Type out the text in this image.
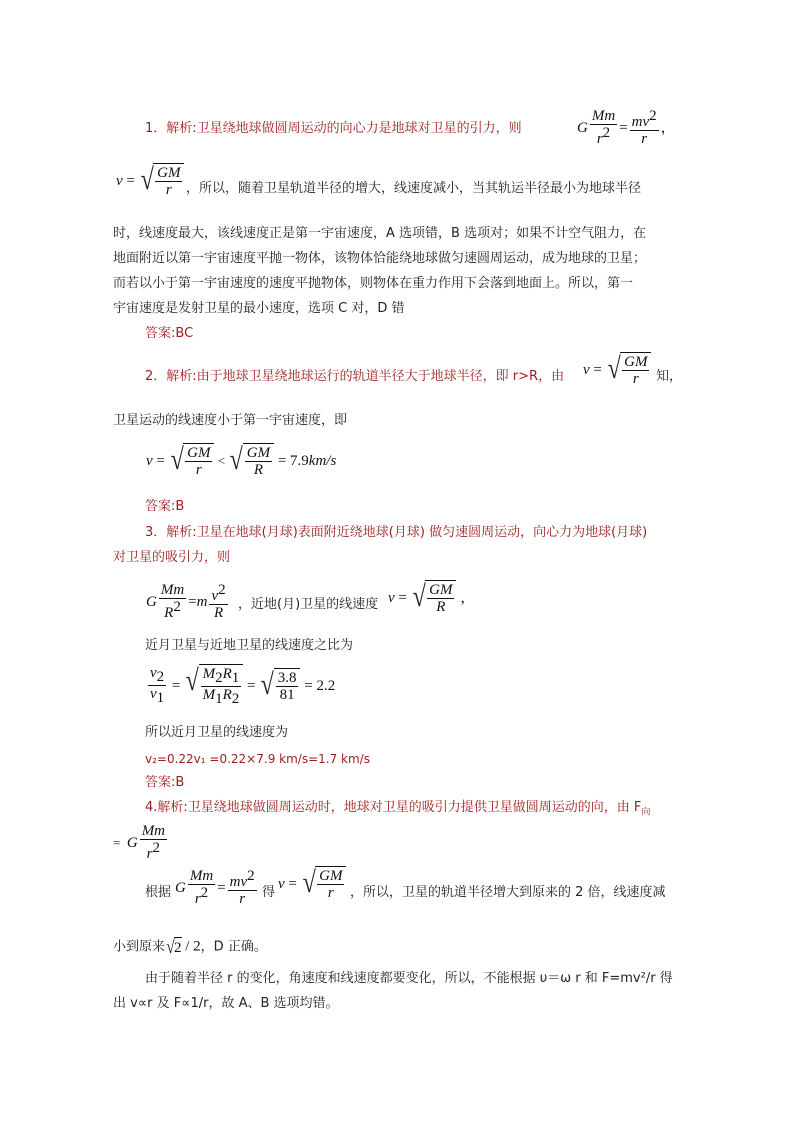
1．解析:卫星绕地球做圆周运动的向心力是地球对卫星的引力，则	G $\frac{Mm}{r^2} = \frac{mv^2}{r}$ ，
v = √ $\frac{GM}{r}$ ，所以，随着卫星轨道半径的增大，线速度减小，当其轨运半径最小为地球半径
时，线速度最大，该线速度正是第一宇宙速度，A 选项错，B 选项对；如果不计空气阻力，在
地面附近以第一宇宙速度平抛一物体，该物体恰能绕地球做匀速圆周运动，成为地球的卫星；
而若以小于第一宇宙速度的速度平抛物体，则物体在重力作用下会落到地面上。所以，第一
宇宙速度是发射卫星的最小速度，选项 C 对，D 错
答案:BC
2．解析:由于地球卫星绕地球运行的轨道半径大于地球半径，即 r>R，由 v = √ $\frac{GM}{r}$ 知，
卫星运动的线速度小于第一宇宙速度，即
v = √ $\frac{GM}{r}$ < √ $\frac{GM}{R} = 7.9$ km/s
答案:B
3．解析:卫星在地球(月球)表面附近绕地球(月球) 做匀速圆周运动，向心力为地球(月球)
对卫星的吸引力，则
G $\frac{Mm}{R^2} = m \frac{v^2}{R}$ ，近地(月)卫星的线速度 v = √ $\frac{GM}{R}$ ，
近月卫星与近地卫星的线速度之比为
$\frac{v_2}{v_1}$ = √ $\frac{M_2R_1}{M_1R_2}$ = √ $\frac{3.8}{81} = 2.2$
所以近月卫星的线速度为
v₂=0.22v₁ =0.22×7.9 km/s=1.7 km/s
答案:B
4.解析:卫星绕地球做圆周运动时，地球对卫星的吸引力提供卫星做圆周运动的向，由 $F_向$
= G $\frac{Mm}{r^2}$
根据 G $\frac{Mm}{r^2} = \frac{mv^2}{r}$ 得
v = √ $\frac{GM}{r}$ ，所以，卫星的轨道半径增大到原来的 2 倍，线速度减
小到原来 √ 2 / 2，D 正确。
由于随着半径 r 的变化，角速度和线速度都要变化，所以，不能根据 υ＝ω r 和 F=mv²/r 得
出 v∝r 及 F∝1/r，故 A、B 选项均错。
